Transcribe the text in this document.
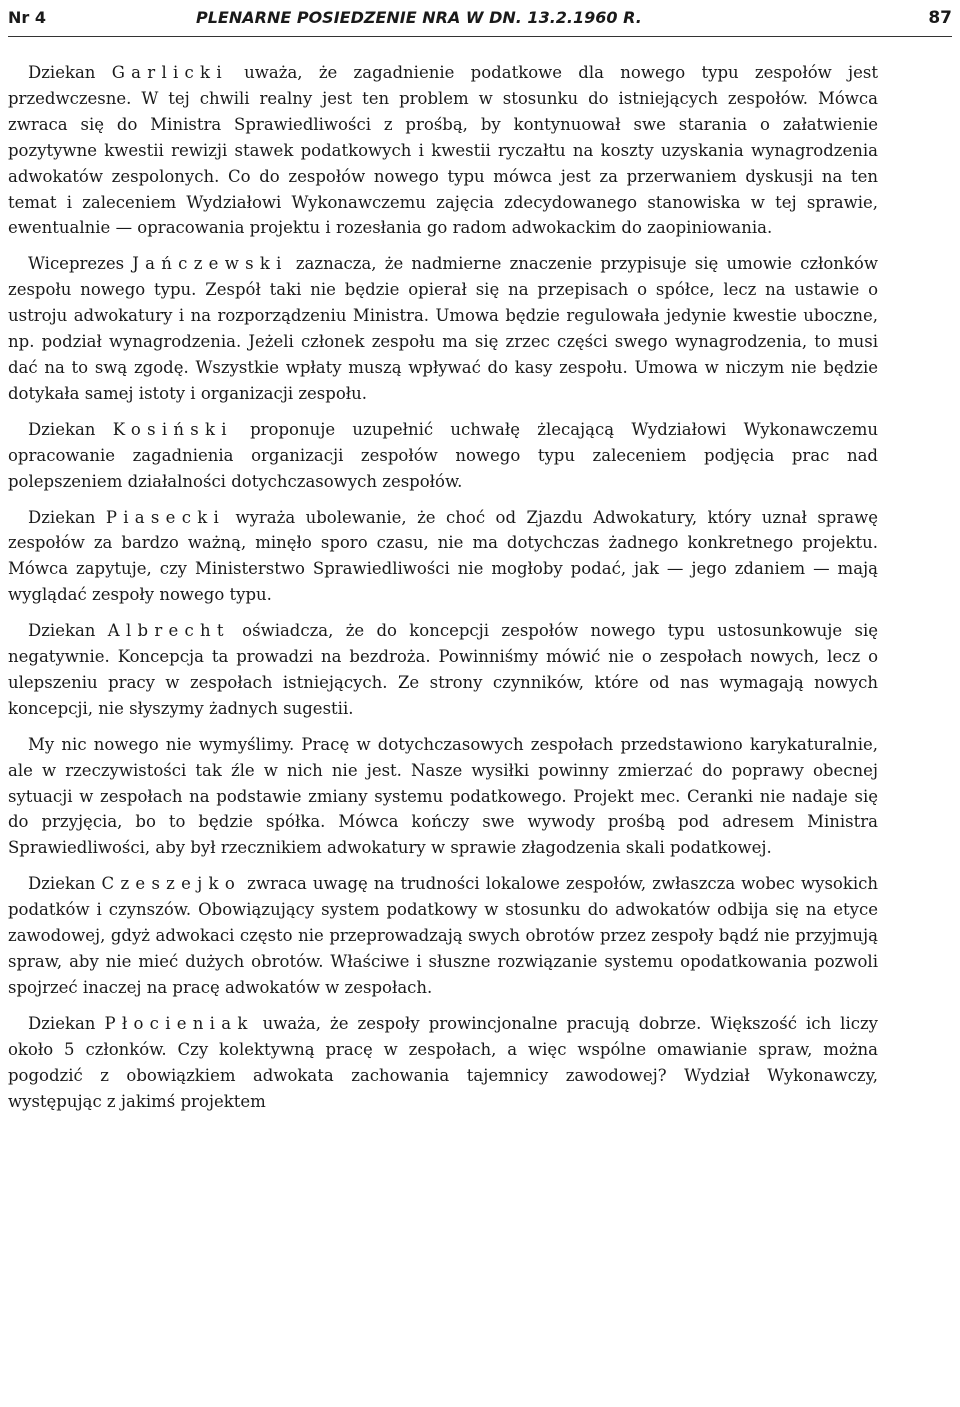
Nr 4	PLENARNE POSIEDZENIE NRA W DN. 13.2.1960 R.	87

Dziekan Garlicki uważa, że zagadnienie podatkowe dla nowego typu zespołów jest przedwczesne. W tej chwili realny jest ten problem w stosunku do istniejących zespołów. Mówca zwraca się do Ministra Sprawiedliwości z prośbą, by kontynuował swe starania o załatwienie pozytywne kwestii rewizji stawek podatkowych i kwestii ryczałtu na koszty uzyskania wynagrodzenia adwokatów zespolonych. Co do zespołów nowego typu mówca jest za przerwaniem dyskusji na ten temat i zaleceniem Wydziałowi Wykonawczemu zajęcia zdecydowanego stanowiska w tej sprawie, ewentualnie — opracowania projektu i rozesłania go radom adwokackim do zaopiniowania.

Wiceprezes Jańczewski zaznacza, że nadmierne znaczenie przypisuje się umowie członków zespołu nowego typu. Zespół taki nie będzie opierał się na przepisach o spółce, lecz na ustawie o ustroju adwokatury i na rozporządzeniu Ministra. Umowa będzie regulowała jedynie kwestie uboczne, np. podział wynagrodzenia. Jeżeli członek zespołu ma się zrzec części swego wynagrodzenia, to musi dać na to swą zgodę. Wszystkie wpłaty muszą wpływać do kasy zespołu. Umowa w niczym nie będzie dotykała samej istoty i organizacji zespołu.

Dziekan Kosiński proponuje uzupełnić uchwałę żlecającą Wydziałowi Wykonawczemu opracowanie zagadnienia organizacji zespołów nowego typu zaleceniem podjęcia prac nad polepszeniem działalności dotychczasowych zespołów.

Dziekan Piasecki wyraża ubolewanie, że choć od Zjazdu Adwokatury, który uznał sprawę zespołów za bardzo ważną, minęło sporo czasu, nie ma dotychczas żadnego konkretnego projektu. Mówca zapytuje, czy Ministerstwo Sprawiedliwości nie mogłoby podać, jak — jego zdaniem — mają wyglądać zespoły nowego typu.

Dziekan Albrecht oświadcza, że do koncepcji zespołów nowego typu ustosunkowuje się negatywnie. Koncepcja ta prowadzi na bezdroża. Powinniśmy mówić nie o zespołach nowych, lecz o ulepszeniu pracy w zespołach istniejących. Ze strony czynników, które od nas wymagają nowych koncepcji, nie słyszymy żadnych sugestii.

My nic nowego nie wymyślimy. Pracę w dotychczasowych zespołach przedstawiono karykaturalnie, ale w rzeczywistości tak źle w nich nie jest. Nasze wysiłki powinny zmierzać do poprawy obecnej sytuacji w zespołach na podstawie zmiany systemu podatkowego. Projekt mec. Ceranki nie nadaje się do przyjęcia, bo to będzie spółka. Mówca kończy swe wywody prośbą pod adresem Ministra Sprawiedliwości, aby był rzecznikiem adwokatury w sprawie złagodzenia skali podatkowej.

Dziekan Czeszejko zwraca uwagę na trudności lokalowe zespołów, zwłaszcza wobec wysokich podatków i czynszów. Obowiązujący system podatkowy w stosunku do adwokatów odbija się na etyce zawodowej, gdyż adwokaci często nie przeprowadzają swych obrotów przez zespoły bądź nie przyjmują spraw, aby nie mieć dużych obrotów. Właściwe i słuszne rozwiązanie systemu opodatkowania pozwoli spojrzeć inaczej na pracę adwokatów w zespołach.

Dziekan Płocieniak uważa, że zespoły prowincjonalne pracują dobrze. Większość ich liczy około 5 członków. Czy kolektywną pracę w zespołach, a więc wspólne omawianie spraw, można pogodzić z obowiązkiem adwokata zachowania tajemnicy zawodowej? Wydział Wykonawczy, występując z jakimś projektem
